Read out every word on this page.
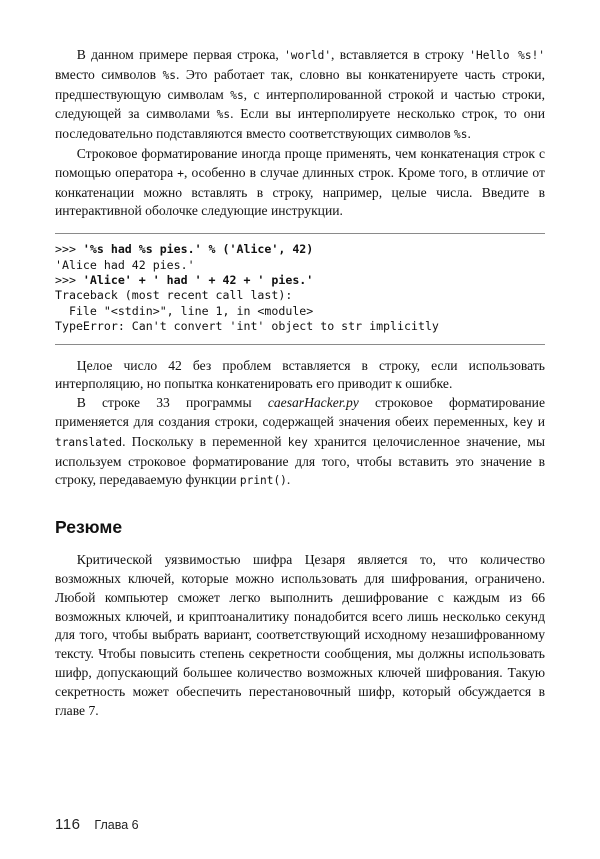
В данном примере первая строка, 'world', вставляется в строку 'Hello %s!' вместо символов %s. Это работает так, словно вы конкатенируете часть строки, предшествующую символам %s, с интерполированной строкой и частью строки, следующей за символами %s. Если вы интерполируете несколько строк, то они последовательно подставляются вместо соответствующих символов %s.

Строковое форматирование иногда проще применять, чем конкатенация строк с помощью оператора +, особенно в случае длинных строк. Кроме того, в отличие от конкатенации можно вставлять в строку, например, целые числа. Введите в интерактивной оболочке следующие инструкции.

>>> '%s had %s pies.' % ('Alice', 42)
'Alice had 42 pies.'
>>> 'Alice' + ' had ' + 42 + ' pies.'
Traceback (most recent call last):
File "<stdin>", line 1, in <module>
TypeError: Can't convert 'int' object to str implicitly

Целое число 42 без проблем вставляется в строку, если использовать интерполяцию, но попытка конкатенировать его приводит к ошибке.

В строке 33 программы caesarHacker.py строковое форматирование применяется для создания строки, содержащей значения обеих переменных, key и translated. Поскольку в переменной key хранится целочисленное значение, мы используем строковое форматирование для того, чтобы вставить это значение в строку, передаваемую функции print().

Резюме

Критической уязвимостью шифра Цезаря является то, что количество возможных ключей, которые можно использовать для шифрования, ограничено. Любой компьютер сможет легко выполнить дешифрование с каждым из 66 возможных ключей, и криптоаналитику понадобится всего лишь несколько секунд для того, чтобы выбрать вариант, соответствующий исходному незашифрованному тексту. Чтобы повысить степень секретности сообщения, мы должны использовать шифр, допускающий большее количество возможных ключей шифрования. Такую секретность может обеспечить перестановочный шифр, который обсуждается в главе 7.

116 Глава 6
